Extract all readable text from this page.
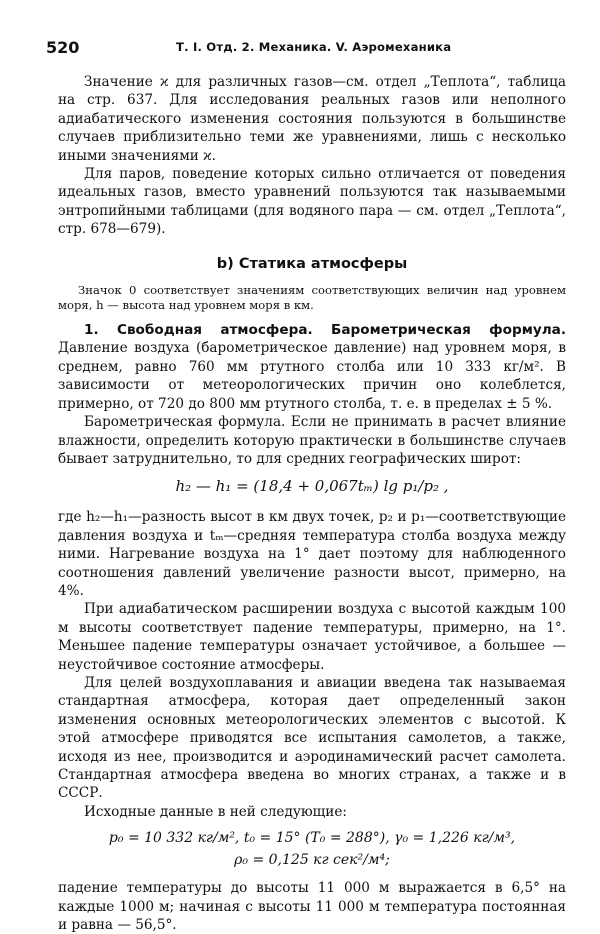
520	Т. I. Отд. 2. Механика. V. Аэромеханика

Значение ϰ для различных газов—см. отдел „Теплота“, таблица на стр. 637. Для исследования реальных газов или неполного адиабатического изменения состояния пользуются в большинстве случаев приблизительно теми же уравнениями, лишь с несколько иными значениями ϰ.

Для паров, поведение которых сильно отличается от поведения идеальных газов, вместо уравнений пользуются так называемыми энтропийными таблицами (для водяного пара — см. отдел „Теплота“, стр. 678—679).

b) Статика атмосферы

Значок 0 соответствует значениям соответствующих величин над уровнем моря, h — высота над уровнем моря в км.

1. Свободная атмосфера. Барометрическая формула. Давление воздуха (барометрическое давление) над уровнем моря, в среднем, равно 760 мм ртутного столба или 10 333 кг/м². В зависимости от метеорологических причин оно колеблется, примерно, от 720 до 800 мм ртутного столба, т. е. в пределах ± 5 %.

Барометрическая формула. Если не принимать в расчет влияние влажности, определить которую практически в большинстве случаев бывает затруднительно, то для средних географических широт:

h₂ — h₁ = (18,4 + 0,067tₘ) lg p₁/p₂ ,

где h₂—h₁—разность высот в км двух точек, p₂ и p₁—соответствующие давления воздуха и tₘ—средняя температура столба воздуха между ними. Нагревание воздуха на 1° дает поэтому для наблюденного соотношения давлений увеличение разности высот, примерно, на 4%.

При адиабатическом расширении воздуха с высотой каждым 100 м высоты соответствует падение температуры, примерно, на 1°. Меньшее падение температуры означает устойчивое, а большее — неустойчивое состояние атмосферы.

Для целей воздухоплавания и авиации введена так называемая стандартная атмосфера, которая дает определенный закон изменения основных метеорологических элементов с высотой. К этой атмосфере приводятся все испытания самолетов, а также, исходя из нее, производится и аэродинамический расчет самолета. Стандартная атмосфера введена во многих странах, а также и в СССР.

Исходные данные в ней следующие:

p₀ = 10 332 кг/м², t₀ = 15° (T₀ = 288°), γ₀ = 1,226 кг/м³,
ρ₀ = 0,125 кг сек²/м⁴;

падение температуры до высоты 11 000 м выражается в 6,5° на каждые 1000 м; начиная с высоты 11 000 м температура постоянная и равна — 56,5°.
